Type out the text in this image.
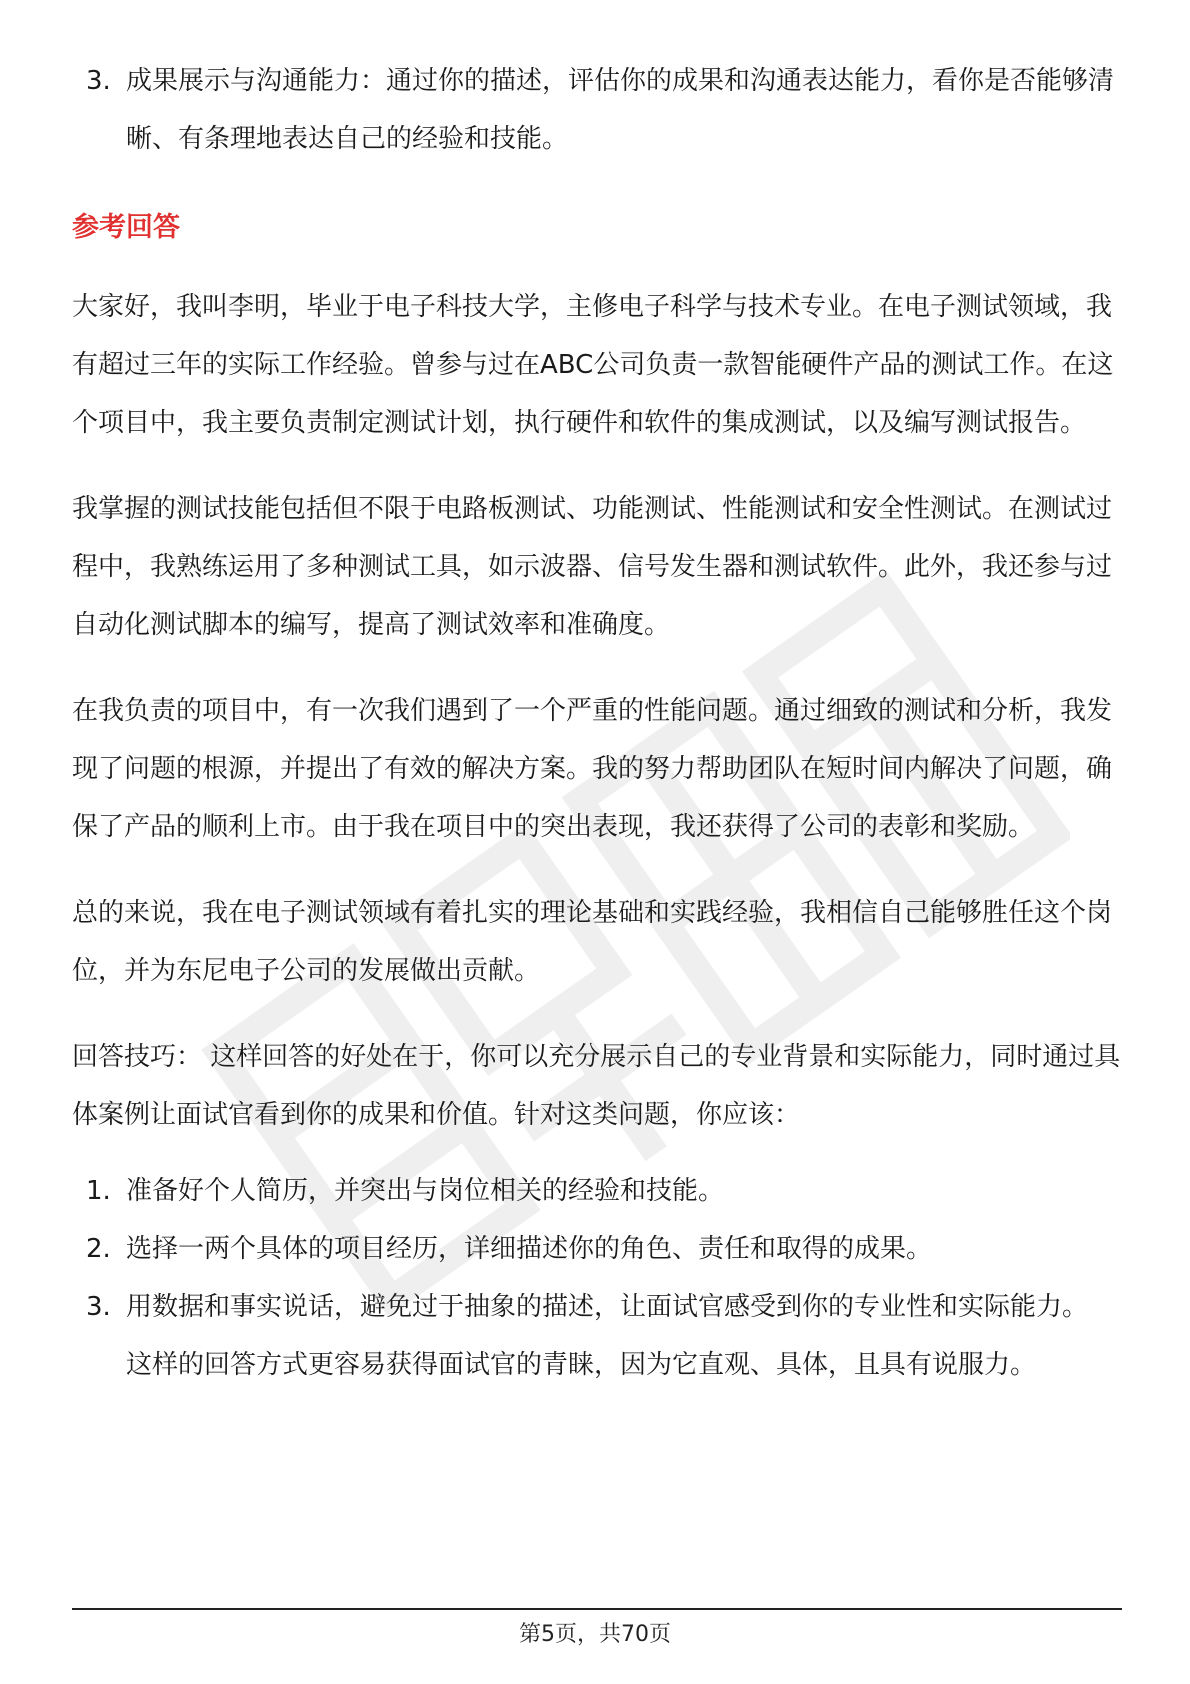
3. 成果展示与沟通能力：通过你的描述，评估你的成果和沟通表达能力，看你是否能够清晰、有条理地表达自己的经验和技能。
参考回答

大家好，我叫李明，毕业于电子科技大学，主修电子科学与技术专业。在电子测试领域，我有超过三年的实际工作经验。曾参与过在ABC公司负责一款智能硬件产品的测试工作。在这个项目中，我主要负责制定测试计划，执行硬件和软件的集成测试，以及编写测试报告。

我掌握的测试技能包括但不限于电路板测试、功能测试、性能测试和安全性测试。在测试过程中，我熟练运用了多种测试工具，如示波器、信号发生器和测试软件。此外，我还参与过自动化测试脚本的编写，提高了测试效率和准确度。

在我负责的项目中，有一次我们遇到了一个严重的性能问题。通过细致的测试和分析，我发现了问题的根源，并提出了有效的解决方案。我的努力帮助团队在短时间内解决了问题，确保了产品的顺利上市。由于我在项目中的突出表现，我还获得了公司的表彰和奖励。

总的来说，我在电子测试领域有着扎实的理论基础和实践经验，我相信自己能够胜任这个岗位，并为东尼电子公司的发展做出贡献。

回答技巧： 这样回答的好处在于，你可以充分展示自己的专业背景和实际能力，同时通过具体案例让面试官看到你的成果和价值。针对这类问题，你应该：

1. 准备好个人简历，并突出与岗位相关的经验和技能。
2. 选择一两个具体的项目经历，详细描述你的角色、责任和取得的成果。
3. 用数据和事实说话，避免过于抽象的描述，让面试官感受到你的专业性和实际能力。 这样的回答方式更容易获得面试官的青睐，因为它直观、具体，且具有说服力。
第5页，共70页
